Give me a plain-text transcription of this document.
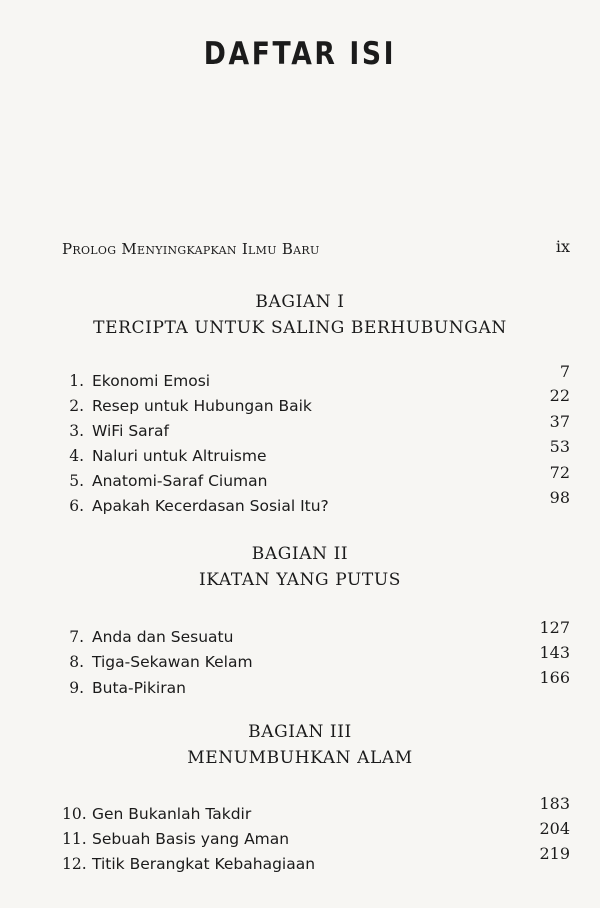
DAFTAR ISI
Prolog Menyingkapkan Ilmu Baru	ix
BAGIAN I
TERCIPTA UNTUK SALING BERHUBUNGAN
1. Ekonomi Emosi
2. Resep untuk Hubungan Baik
3. WiFi Saraf
4. Naluri untuk Altruisme
5. Anatomi-Saraf Ciuman
6. Apakah Kecerdasan Sosial Itu?
7
22
37
53
72
98
BAGIAN II
IKATAN YANG PUTUS
7. Anda dan Sesuatu
8. Tiga-Sekawan Kelam
9. Buta-Pikiran
127
143
166
BAGIAN III
MENUMBUHKAN ALAM
10. Gen Bukanlah Takdir
11. Sebuah Basis yang Aman
12. Titik Berangkat Kebahagiaan
183
204
219
